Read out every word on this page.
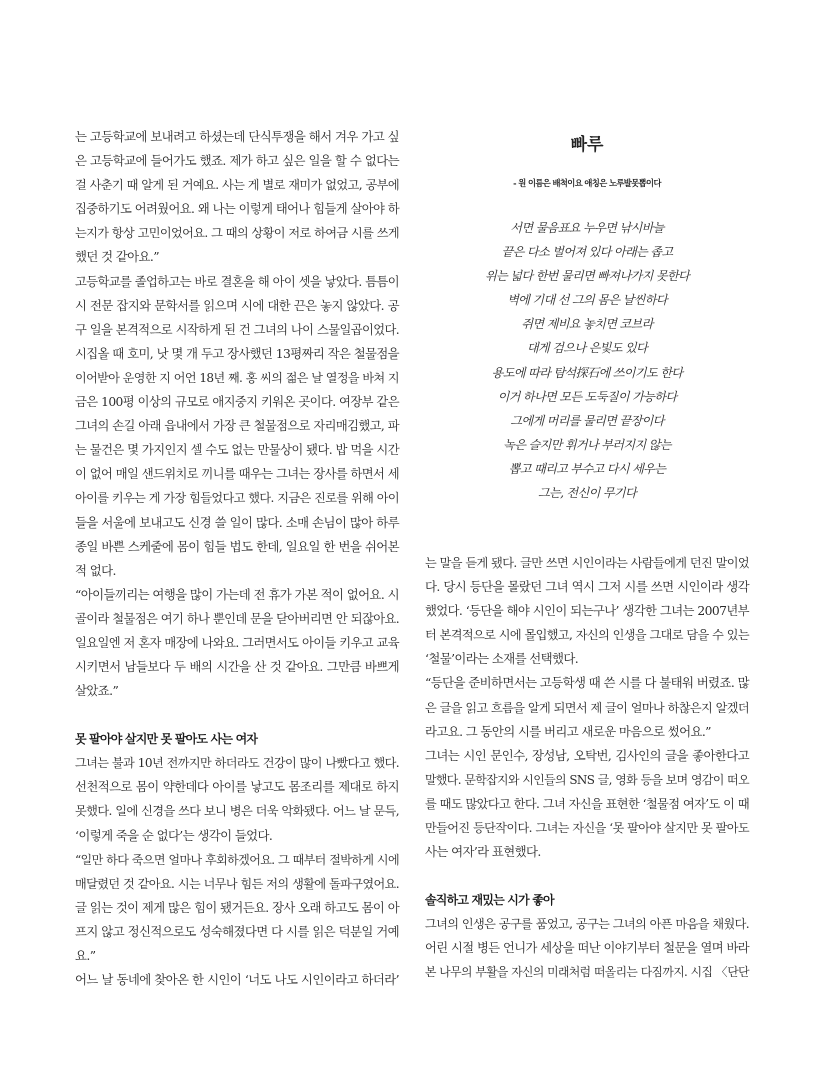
는 고등학교에 보내려고 하셨는데 단식투쟁을 해서 겨우 가고 싶
은 고등학교에 들어가도 했죠. 제가 하고 싶은 일을 할 수 없다는
걸 사춘기 때 알게 된 거예요. 사는 게 별로 재미가 없었고, 공부에
집중하기도 어려웠어요. 왜 나는 이렇게 태어나 힘들게 살아야 하
는지가 항상 고민이었어요. 그 때의 상황이 저로 하여금 시를 쓰게
했던 것 같아요.”

고등학교를 졸업하고는 바로 결혼을 해 아이 셋을 낳았다. 틈틈이
시 전문 잡지와 문학서를 읽으며 시에 대한 끈은 놓지 않았다. 공
구 일을 본격적으로 시작하게 된 건 그녀의 나이 스물일곱이었다.
시집올 때 호미, 낫 몇 개 두고 장사했던 13평짜리 작은 철물점을
이어받아 운영한 지 어언 18년 째. 홍 씨의 젊은 날 열정을 바쳐 지
금은 100평 이상의 규모로 애지중지 키워온 곳이다. 여장부 같은
그녀의 손길 아래 읍내에서 가장 큰 철물점으로 자리매김했고, 파
는 물건은 몇 가지인지 셀 수도 없는 만물상이 됐다. 밥 먹을 시간
이 없어 매일 샌드위치로 끼니를 때우는 그녀는 장사를 하면서 세
아이를 키우는 게 가장 힘들었다고 했다. 지금은 진로를 위해 아이
들을 서울에 보내고도 신경 쓸 일이 많다. 소매 손님이 많아 하루
종일 바쁜 스케줄에 몸이 힘들 법도 한데, 일요일 한 번을 쉬어본
적 없다.

“아이들끼리는 여행을 많이 가는데 전 휴가 가본 적이 없어요. 시
골이라 철물점은 여기 하나 뿐인데 문을 닫아버리면 안 되잖아요.
일요일엔 저 혼자 매장에 나와요. 그러면서도 아이들 키우고 교육
시키면서 남들보다 두 배의 시간을 산 것 같아요. 그만큼 바쁘게
살았죠.”

못 팔아야 살지만 못 팔아도 사는 여자

그녀는 불과 10년 전까지만 하더라도 건강이 많이 나빴다고 했다.
선천적으로 몸이 약한데다 아이를 낳고도 몸조리를 제대로 하지
못했다. 일에 신경을 쓰다 보니 병은 더욱 악화됐다. 어느 날 문득,
‘이렇게 죽을 순 없다’는 생각이 들었다.

“일만 하다 죽으면 얼마나 후회하겠어요. 그 때부터 절박하게 시에
매달렸던 것 같아요. 시는 너무나 힘든 저의 생활에 돌파구였어요.
글 읽는 것이 제게 많은 힘이 됐거든요. 장사 오래 하고도 몸이 아
프지 않고 정신적으로도 성숙해졌다면 다 시를 읽은 덕분일 거예
요.”

어느 날 동네에 찾아온 한 시인이 ‘너도 나도 시인이라고 하더라’

빠루

- 원 이름은 배척이요 애칭은 노루발못뽑이다

서면 물음표요 누우면 낚시바늘
끝은 다소 벌어져 있다 아래는 좁고
위는 넓다 한번 물리면 빠져나가지 못한다
벽에 기대 선 그의 몸은 날씬하다
쥐면 제비요 놓치면 코브라
대게 검으나 은빛도 있다
용도에 따라 탐석探石에 쓰이기도 한다
이거 하나면 모든 도둑질이 가능하다
그에게 머리를 물리면 끝장이다
녹은 슬지만 휘거나 부러지지 않는
뽑고 때리고 부수고 다시 세우는
그는, 전신이 무기다

는 말을 듣게 됐다. 글만 쓰면 시인이라는 사람들에게 던진 말이었
다. 당시 등단을 몰랐던 그녀 역시 그저 시를 쓰면 시인이라 생각
했었다. ‘등단을 해야 시인이 되는구나’ 생각한 그녀는 2007년부
터 본격적으로 시에 몰입했고, 자신의 인생을 그대로 담을 수 있는
‘철물’이라는 소재를 선택했다.

“등단을 준비하면서는 고등학생 때 쓴 시를 다 불태워 버렸죠. 많
은 글을 읽고 흐름을 알게 되면서 제 글이 얼마나 하찮은지 알겠더
라고요. 그 동안의 시를 버리고 새로운 마음으로 썼어요.”

그녀는 시인 문인수, 장성남, 오탁번, 김사인의 글을 좋아한다고
말했다. 문학잡지와 시인들의 SNS 글, 영화 등을 보며 영감이 떠오
를 때도 많았다고 한다. 그녀 자신을 표현한 ‘철물점 여자’도 이 때
만들어진 등단작이다. 그녀는 자신을 ‘못 팔아야 살지만 못 팔아도
사는 여자’라 표현했다.

솔직하고 재밌는 시가 좋아

그녀의 인생은 공구를 품었고, 공구는 그녀의 아픈 마음을 채웠다.
어린 시절 병든 언니가 세상을 떠난 이야기부터 철문을 열며 바라
본 나무의 부활을 자신의 미래처럼 떠올리는 다짐까지. 시집 〈단단
